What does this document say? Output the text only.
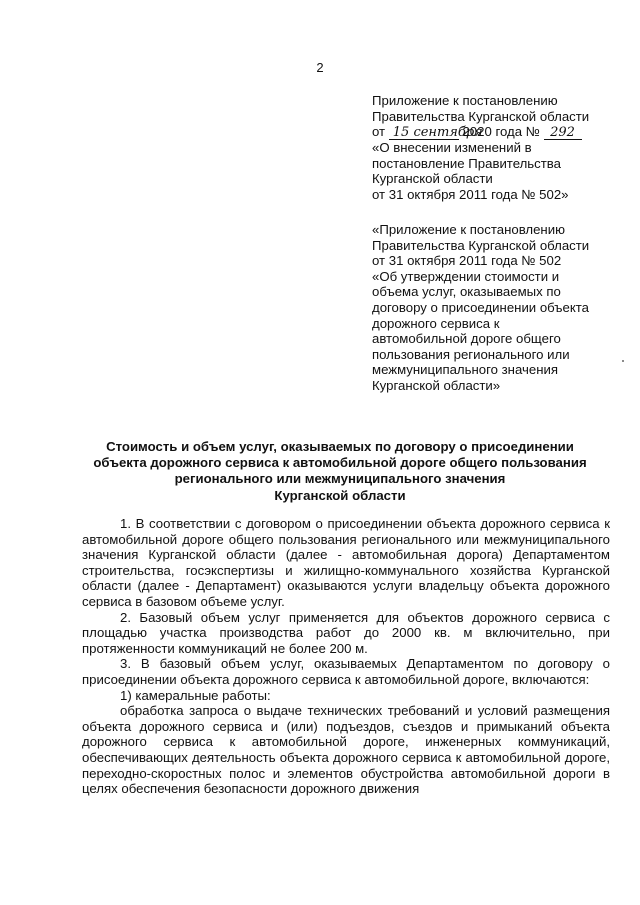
2
Приложение к постановлению
Правительства Курганской области
от 15 сентября 2020 года № 292
«О внесении изменений в
постановление Правительства
Курганской области
от 31 октября 2011 года № 502»
«Приложение к постановлению
Правительства Курганской области
от 31 октября 2011 года № 502
«Об утверждении стоимости и
объема услуг, оказываемых по
договору о присоединении объекта
дорожного сервиса к
автомобильной дороге общего
пользования регионального или
межмуниципального значения
Курганской области»
Стоимость и объем услуг, оказываемых по договору о присоединении
объекта дорожного сервиса к автомобильной дороге общего пользования
регионального или межмуниципального значения
Курганской области

1. В соответствии с договором о присоединении объекта дорожного сервиса к автомобильной дороге общего пользования регионального или межмуниципального значения Курганской области (далее - автомобильная дорога) Департаментом строительства, госэкспертизы и жилищно-коммунального хозяйства Курганской области (далее - Департамент) оказываются услуги владельцу объекта дорожного сервиса в базовом объеме услуг.

2. Базовый объем услуг применяется для объектов дорожного сервиса с площадью участка производства работ до 2000 кв. м включительно, при протяженности коммуникаций не более 200 м.

3. В базовый объем услуг, оказываемых Департаментом по договору о присоединении объекта дорожного сервиса к автомобильной дороге, включаются:

1) камеральные работы:

обработка запроса о выдаче технических требований и условий размещения объекта дорожного сервиса и (или) подъездов, съездов и примыканий объекта дорожного сервиса к автомобильной дороге, инженерных коммуникаций, обеспечивающих деятельность объекта дорожного сервиса к автомобильной дороге, переходно-скоростных полос и элементов обустройства автомобильной дороги в целях обеспечения безопасности дорожного движения
